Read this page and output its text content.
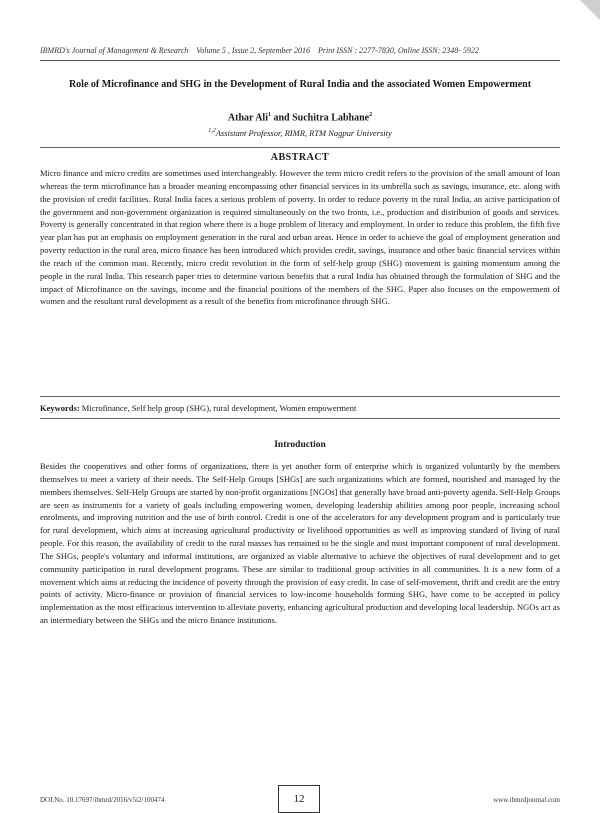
IBMRD's Journal of Management & Research Volume 5 , Issue 2, September 2016 Print ISSN : 2277-7830, Online ISSN: 2348- 5922
Role of Microfinance and SHG in the Development of Rural India and the associated Women Empowerment
Athar Ali$^1$ and Suchitra Labhane$^2$
$^{1,2}$Assistant Professor, RIMR, RTM Nagpur University
ABSTRACT

Micro finance and micro credits are sometimes used interchangeably. However the term micro credit refers to the provision of the small amount of loan whereas the term microfinance has a broader meaning encompassing other financial services in its umbrella such as savings, insurance, etc. along with the provision of credit facilities. Rural India faces a serious problem of poverty. In order to reduce poverty in the rural India, an active participation of the government and non-government organization is required simultaneously on the two fronts, i.e., production and distribution of goods and services. Poverty is generally concentrated in that region where there is a huge problem of literacy and employment. In order to reduce this problem, the fifth five year plan has put an emphasis on employment generation in the rural and urban areas. Hence in order to achieve the goal of employment generation and poverty reduction in the rural area, micro finance has been introduced which provides credit, savings, insurance and other basic financial services within the reach of the common man. Recently, micro credit revolution in the form of self-help group (SHG) movement is gaining momentum among the people in the rural India. This research paper tries to determine various benefits that a rural India has obtained through the formulation of SHG and the impact of Microfinance on the savings, income and the financial positions of the members of the SHG. Paper also focuses on the empowerment of women and the resultant rural development as a result of the benefits from microfinance through SHG.

Keywords: Microfinance, Self help group (SHG), rural development, Women empowerment
Introduction

Besides the cooperatives and other forms of organizations, there is yet another form of enterprise which is organized voluntarily by the members themselves to meet a variety of their needs. The Self-Help Groups [SHGs] are such organizations which are formed, nourished and managed by the members themselves. Self-Help Groups are started by non-profit organizations [NGOs] that generally have broad anti-poverty agenda. Self-Help Groups are seen as instruments for a variety of goals including empowering women, developing leadership abilities among poor people, increasing school enrolments, and improving nutrition and the use of birth control. Credit is one of the accelerators for any development program and is particularly true for rural development, which aims at increasing agricultural productivity or livelihood opportunities as well as improving standard of living of rural people. For this reason, the availability of credit to the rural masses has remained to be the single and most important component of rural development. The SHGs, people's voluntary and informal institutions, are organized as viable alternative to achieve the objectives of rural development and to get community participation in rural development programs. These are similar to traditional group activities in all communities. It is a new form of a movement which aims at reducing the incidence of poverty through the provision of easy credit. In case of self-movement, thrift and credit are the entry points of activity. Micro-finance or provision of financial services to low-income households forming SHG, have come to be accepted in policy implementation as the most efficacious intervention to alleviate poverty, enhancing agricultural production and developing local leadership. NGOs act as an intermediary between the SHGs and the micro finance institutions.

DOI.No. 10.17697/ibmrd/2016/v5i2/100474	12	www.ibmrdjournal.com
